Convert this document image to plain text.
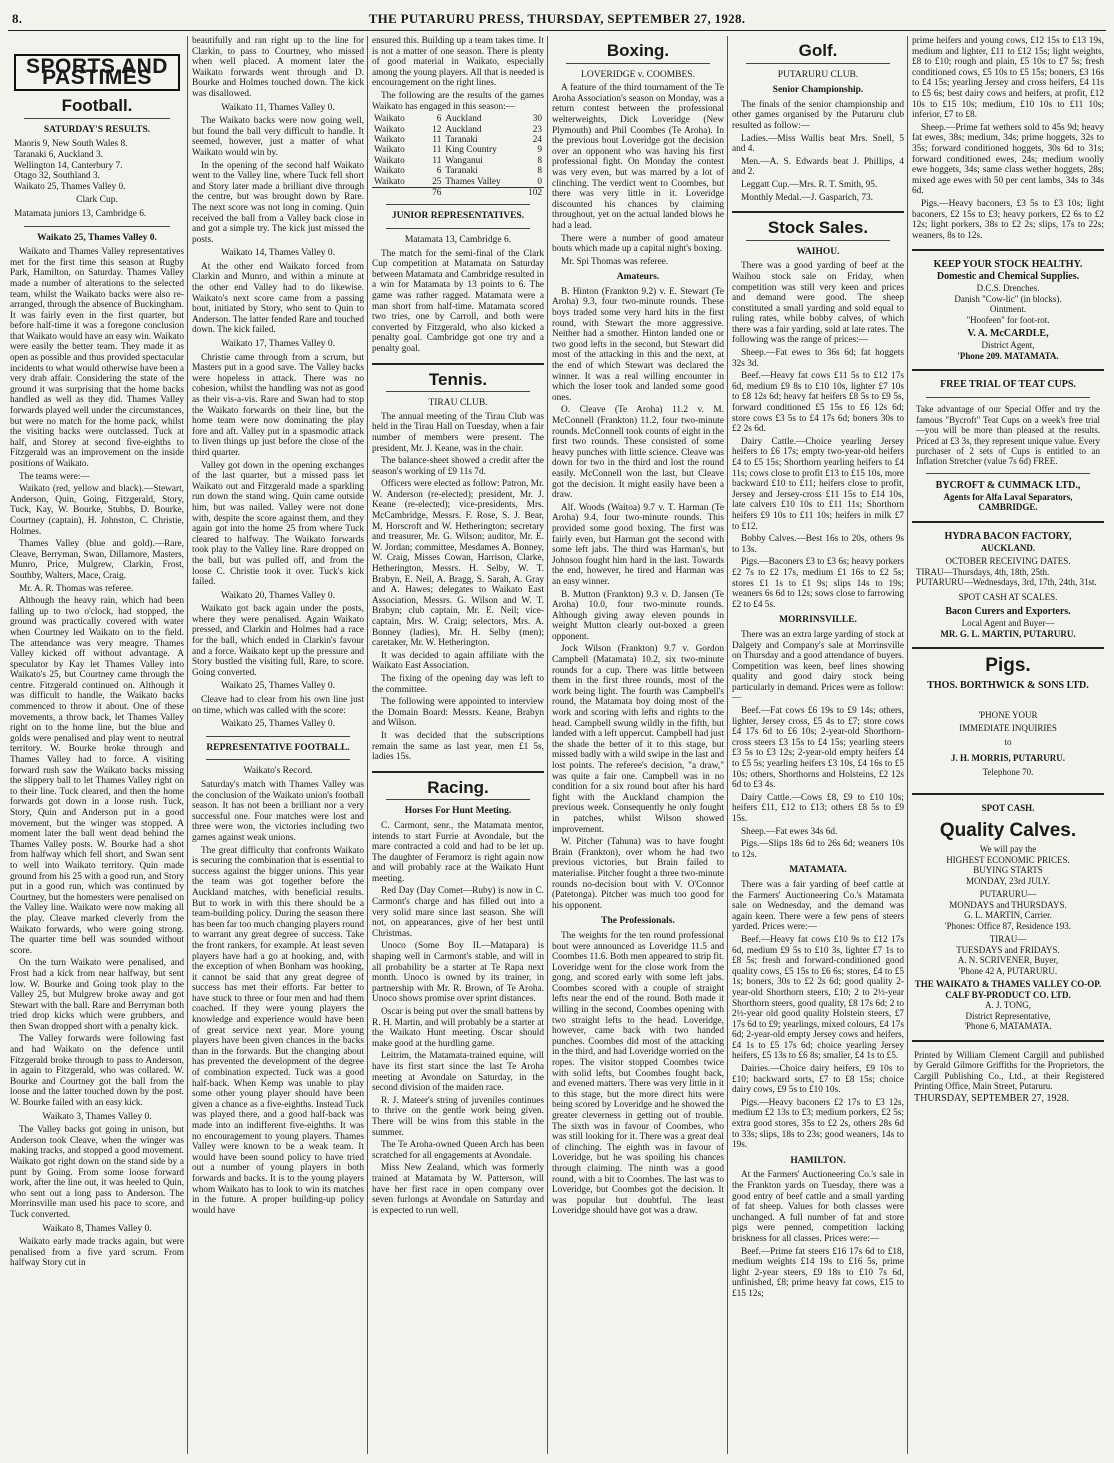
8.	THE PUTARURU PRESS, THURSDAY, SEPTEMBER 27, 1928.
SPORTS AND PASTIMES
Football.
SATURDAY'S RESULTS.

Maoris 9, New South Wales 8.

Taranaki 6, Auckland 3.

Wellington 14, Canterbury 7.

Otago 32, Southland 3.

Waikato 25, Thames Valley 0.

Clark Cup.

Matamata juniors 13, Cambridge 6.

Waikato 25, Thames Valley 0.

Waikato and Thames Valley representatives met for the first time this season at Rugby Park, Hamilton, on Saturday. Thames Valley made a number of alterations to the selected team, whilst the Waikato backs were also re-arranged, through the absence of Buckingham. It was fairly even in the first quarter, but before half-time it was a foregone conclusion that Waikato would have an easy win. Waikato were easily the better team. They made it as open as possible and thus provided spectacular incidents to what would otherwise have been a very drab affair. Considering the state of the ground it was surprising that the home backs handled as well as they did. Thames Valley forwards played well under the circumstances, but were no match for the home pack, whilst the visiting backs were outclassed. Tuck at half, and Storey at second five-eighths to Fitzgerald was an improvement on the inside positions of Waikato.

The teams were:—

Waikato (red, yellow and black).—Stewart, Anderson, Quin, Going, Fitzgerald, Story, Tuck, Kay, W. Bourke, Stubbs, D. Bourke, Courtney (captain), H. Johnston, C. Christie, Holmes.

Thames Valley (blue and gold).—Rare, Cleave, Berryman, Swan, Dillamore, Masters, Munro, Price, Mulgrew, Clarkin, Frost, Southby, Walters, Mace, Craig.

Mr. A. R. Thomas was referee.

Although the heavy rain, which had been falling up to two o'clock, had stopped, the ground was practically covered with water when Courtney led Waikato on to the field. The attendance was very meagre. Thames Valley kicked off without advantage. A speculator by Kay let Thames Valley into Waikato's 25, but Courtney came through the centre. Fitzgerald continued on. Although it was difficult to handle, the Waikato backs commenced to throw it about. One of these movements, a throw back, let Thames Valley right on to the home line, but the blue and golds were penalised and play went to neutral territory. W. Bourke broke through and Thames Valley had to force. A visiting forward rush saw the Waikato backs missing the slippery ball to let Thames Valley right on to their line. Tuck cleared, and then the home forwards got down in a loose rush. Tuck, Story, Quin and Anderson put in a good movement, but the winger was stopped. A moment later the ball went dead behind the Thames Valley posts. W. Bourke had a shot from halfway which fell short, and Swan sent to well into Waikato territory. Quin made ground from his 25 with a good run, and Story put in a good run, which was continued by Courtney, but the homesters were penalised on the Valley line. Waikato were now making all the play. Cleave marked cleverly from the Waikato forwards, who were going strong. The quarter time bell was sounded without score.

On the turn Waikato were penalised, and Frost had a kick from near halfway, but sent low. W. Bourke and Going took play to the Valley 25, but Mulgrew broke away and got Stewart with the ball. Rare and Berryman both tried drop kicks which were grubbers, and then Swan dropped short with a penalty kick.

The Valley forwards were following fast and had Waikato on the defence until Fitzgerald broke through to pass to Anderson, in again to Fitzgerald, who was collared. W. Bourke and Courtney got the ball from the loose and the latter touched down by the post. W. Bourke failed with an easy kick.

Waikato 3, Thames Valley 0.

The Valley backs got going in unison, but Anderson took Cleave, when the winger was making tracks, and stopped a good movement. Waikato got right down on the stand side by a punt by Going. From some loose forward work, after the line out, it was heeled to Quin, who sent out a long pass to Anderson. The Morrinsville man used his pace to score, and Tuck converted.

Waikato 8, Thames Valley 0.

Waikato early made tracks again, but were penalised from a five yard scrum. From halfway Story cut in

beautifully and ran right up to the line for Clarkin, to pass to Courtney, who missed when well placed. A moment later the Waikato forwards went through and D. Bourke and Holmes touched down. The kick was disallowed.

Waikato 11, Thames Valley 0.

The Waikato backs were now going well, but found the ball very difficult to handle. It seemed, however, just a matter of what Waikato would win by.

In the opening of the second half Waikato went to the Valley line, where Tuck fell short and Story later made a brilliant dive through the centre, but was brought down by Rare. The next score was not long in coming. Quin received the ball from a Valley back close in and got a simple try. The kick just missed the posts.

Waikato 14, Thames Valley 0.

At the other end Waikato forced from Clarkin and Munro, and within a minute at the other end Valley had to do likewise. Waikato's next score came from a passing bout, initiated by Story, who sent to Quin to Anderson. The latter fended Rare and touched down. The kick failed.

Waikato 17, Thames Valley 0.

Christie came through from a scrum, but Masters put in a good save. The Valley backs were hopeless in attack. There was no cohesion, whilst the handling was not as good as their vis-a-vis. Rare and Swan had to stop the Waikato forwards on their line, but the home team were now dominating the play fore and aft. Valley put in a spasmodic attack to liven things up just before the close of the third quarter.

Valley got down in the opening exchanges of the last quarter, but a missed pass let Waikato out and Fitzgerald made a sparkling run down the stand wing. Quin came outside him, but was nailed. Valley were not done with, despite the score against them, and they again got into the home 25 from where Tuck cleared to halfway. The Waikato forwards took play to the Valley line. Rare dropped on the ball, but was pulled off, and from the loose C. Christie took it over. Tuck's kick failed.

Waikato 20, Thames Valley 0.

Waikato got back again under the posts, where they were penalised. Again Waikato pressed, and Clarkin and Holmes had a race for the ball, which ended in Clarkin's favour and a force. Waikato kept up the pressure and Story bustled the visiting full, Rare, to score. Going converted.

Waikato 25, Thames Valley 0.

Cleave had to clear from his own line just on time, which was called with the score:

Waikato 25, Thames Valley 0.
REPRESENTATIVE FOOTBALL.
Waikato's Record.

Saturday's match with Thames Valley was the conclusion of the Waikato union's football season. It has not been a brilliant nor a very successful one. Four matches were lost and three were won, the victories including two games against weak unions.

The great difficulty that confronts Waikato is securing the combination that is essential to success against the bigger unions. This year the team was got together before the Auckland matches, with beneficial results. But to work in with this there should be a team-building policy. During the season there has been far too much changing players round to warrant any great degree of success. Take the front rankers, for example. At least seven players have had a go at hooking, and, with the exception of when Bonham was hooking, it cannot be said that any great degree of success has met their efforts. Far better to have stuck to three or four men and had them coached. If they were young players the knowledge and experience would have been of great service next year. More young players have been given chances in the backs than in the forwards. But the changing about has prevented the development of the degree of combination expected. Tuck was a good half-back. When Kemp was unable to play some other young player should have been given a chance as a five-eighths. Instead Tuck was played there, and a good half-back was made into an indifferent five-eighths. It was no encouragement to young players. Thames Valley were known to be a weak team. It would have been sound policy to have tried out a number of young players in both forwards and backs. It is to the young players whom Waikato has to look to win its matches in the future. A proper building-up policy would have

ensured this. Building up a team takes time. It is not a matter of one season. There is plenty of good material in Waikato, especially among the young players. All that is needed is encouragement on the right lines.

The following are the results of the games Waikato has engaged in this season:—

Waikato	6	Auckland	30
Waikato	12	Auckland	23
Waikato	11	Taranaki	24
Waikato	11	King Country	9
Waikato	11	Wanganui	8
Waikato	6	Taranaki	8
Waikato	25	Thames Valley	0
	76		102
JUNIOR REPRESENTATIVES.
Matamata 13, Cambridge 6.

The match for the semi-final of the Clark Cup competition at Matamata on Saturday between Matamata and Cambridge resulted in a win for Matamata by 13 points to 6. The game was rather ragged. Matamata were a man short from half-time. Matamata scored two tries, one by Carroll, and both were converted by Fitzgerald, who also kicked a penalty goal. Cambridge got one try and a penalty goal.

Tennis.
TIRAU CLUB.

The annual meeting of the Tirau Club was held in the Tirau Hall on Tuesday, when a fair number of members were present. The president, Mr. J. Keane, was in the chair.

The balance-sheet showed a credit after the season's working of £9 11s 7d.

Officers were elected as follow: Patron, Mr. W. Anderson (re-elected); president, Mr. J. Keane (re-elected); vice-presidents, Mrs. McCambridge, Messrs. F. Rose, S. J. Bear, M. Horscroft and W. Hetherington; secretary and treasurer, Mr. G. Wilson; auditor, Mr. E. W. Jordan; committee, Mesdames A. Bonney, W. Craig, Misses Cowan, Harrison, Clarke, Hetherington, Messrs. H. Selby, W. T. Brabyn, E. Neil, A. Bragg, S. Sarah, A. Gray and A. Hawes; delegates to Waikato East Association, Messrs. G. Wilson and W. T. Brabyn; club captain, Mr. E. Neil; vice-captain, Mrs. W. Craig; selectors, Mrs. A. Bonney (ladies), Mr. H. Selby (men); caretaker, Mr. W. Hetherington.

It was decided to again affiliate with the Waikato East Association.

The fixing of the opening day was left to the committee.

The following were appointed to interview the Domain Board: Messrs. Keane, Brabyn and Wilson.

It was decided that the subscriptions remain the same as last year, men £1 5s, ladies 15s.

Racing.
Horses For Hunt Meeting.

C. Carmont, senr., the Matamata mentor, intends to start Furrie at Avondale, but the mare contracted a cold and had to be let up. The daughter of Feramorz is right again now and will probably race at the Waikato Hunt meeting.

Red Day (Day Comet—Ruby) is now in C. Carmont's charge and has filled out into a very solid mare since last season. She will not, on appearances, give of her best until Christmas.

Unoco (Some Boy II.—Matapara) is shaping well in Carmont's stable, and will in all probability be a starter at Te Rapa next month. Unoco is owned by its trainer, in partnership with Mr. R. Brown, of Te Aroha. Unoco shows promise over sprint distances.

Oscar is being put over the small battens by R. H. Martin, and will probably be a starter at the Waikato Hunt meeting. Oscar should make good at the hurdling game.

Leitrim, the Matamata-trained equine, will have its first start since the last Te Aroha meeting at Avondale on Saturday, in the second division of the maiden race.

R. J. Mateer's string of juveniles continues to thrive on the gentle work being given. There will be wins from this stable in the summer.

The Te Aroha-owned Queen Arch has been scratched for all engagements at Avondale.

Miss New Zealand, which was formerly trained at Matamata by W. Patterson, will have her first race in open company over seven furlongs at Avondale on Saturday and is expected to run well.

Boxing.
LOVERIDGE v. COOMBES.

A feature of the third tournament of the Te Aroha Association's season on Monday, was a return contest between the professional welterweights, Dick Loveridge (New Plymouth) and Phil Coombes (Te Aroha). In the previous bout Loveridge got the decision over an opponent who was having his first professional fight. On Monday the contest was very even, but was marred by a lot of clinching. The verdict went to Coombes, but there was very little in it. Loveridge discounted his chances by claiming throughout, yet on the actual landed blows he had a lead.

There were a number of good amateur bouts which made up a capital night's boxing.

Mr. Spi Thomas was referee.

Amateurs.

B. Hinton (Frankton 9.2) v. E. Stewart (Te Aroha) 9.3, four two-minute rounds. These boys traded some very hard hits in the first round, with Stewart the more aggressive. Neither had a smother. Hinton landed one or two good lefts in the second, but Stewart did most of the attacking in this and the next, at the end of which Stewart was declared the winner. It was a real willing encounter in which the loser took and landed some good ones.

O. Cleave (Te Aroha) 11.2 v. M. McConnell (Frankton) 11.2, four two-minute rounds. McConnell took counts of eight in the first two rounds. These consisted of some heavy punches with little science. Cleave was down for two in the third and lost the round easily. McConnell won the last, but Cleave got the decision. It might easily have been a draw.

Alf. Woods (Waitoa) 9.7 v. T. Harman (Te Aroha) 9.4, four two-minute rounds. This provided some good boxing. The first was fairly even, but Harman got the second with some left jabs. The third was Harman's, but Johnson fought him hard in the last. Towards the end, however, he tired and Harman was an easy winner.

B. Mutton (Frankton) 9.3 v. D. Jansen (Te Aroha) 10.0, four two-minute rounds. Although giving away eleven pounds in weight Mutton clearly out-boxed a green opponent.

Jock Wilson (Frankton) 9.7 v. Gordon Campbell (Matamata) 10.2, six two-minute rounds for a cup. There was little between them in the first three rounds, most of the work being light. The fourth was Campbell's round, the Matamata boy doing most of the work and scoring with lefts and rights to the head. Campbell swung wildly in the fifth, but landed with a left uppercut. Campbell had just the shade the better of it to this stage, but missed badly with a wild swipe in the last and lost points. The referee's decision, "a draw," was quite a fair one. Campbell was in no condition for a six round bout after his hard fight with the Auckland champion the previous week. Consequently he only fought in patches, whilst Wilson showed improvement.

W. Pitcher (Tahuna) was to have fought Brain (Frankton), over whom he had two previous victories, but Brain failed to materialise. Pitcher fought a three two-minute rounds no-decision bout with V. O'Connor (Patetonga). Pitcher was much too good for his opponent.

The Professionals.

The weights for the ten round professional bout were announced as Loveridge 11.5 and Coombes 11.6. Both men appeared to strip fit. Loveridge went for the close work from the gong, and scored early with some left jabs. Coombes scored with a couple of straight lefts near the end of the round. Both made it willing in the second, Coombes opening with two straight lefts to the head. Loveridge, however, came back with two handed punches. Coombes did most of the attacking in the third, and had Loveridge worried on the ropes. The visitor stopped Coombes twice with solid lefts, but Coombes fought back, and evened matters. There was very little in it to this stage, but the more direct hits were being scored by Loveridge and he showed the greater cleverness in getting out of trouble. The sixth was in favour of Coombes, who was still looking for it. There was a great deal of clinching. The eighth was in favour of Loveridge, but he was spoiling his chances through claiming. The ninth was a good round, with a bit to Coombes. The last was to Loveridge, but Coombes got the decision. It was popular but doubtful. The least Loveridge should have got was a draw.

Golf.
PUTARURU CLUB.
Senior Championship.

The finals of the senior championship and other games organised by the Putaruru club resulted as follow:—

Ladies.—Miss Wallis beat Mrs. Snell, 5 and 4.

Men.—A. S. Edwards beat J. Phillips, 4 and 2.

Leggatt Cup.—Mrs. R. T. Smith, 95.

Monthly Medal.—J. Gasparich, 73.

Stock Sales.
WAIHOU.

There was a good yarding of beef at the Waihou stock sale on Friday, when competition was still very keen and prices and demand were good. The sheep constituted a small yarding and sold equal to ruling rates, while bobby calves, of which there was a fair yarding, sold at late rates. The following was the range of prices:—

Sheep.—Fat ewes to 36s 6d; fat hoggets 32s 3d.

Beef.—Heavy fat cows £11 5s to £12 17s 6d, medium £9 8s to £10 10s, lighter £7 10s to £8 12s 6d; heavy fat heifers £8 5s to £9 5s, forward conditioned £5 15s to £6 12s 6d; store cows £3 5s to £4 17s 6d; boners 30s to £2 2s 6d.

Dairy Cattle.—Choice yearling Jersey heifers to £6 17s; empty two-year-old heifers £4 to £5 15s; Shorthorn yearling heifers to £4 11s; cows close to profit £13 to £15 10s, more backward £10 to £11; heifers close to profit, Jersey and Jersey-cross £11 15s to £14 10s, late calvers £10 10s to £11 11s; Shorthorn heifers £9 10s to £11 10s; heifers in milk £7 to £12.

Bobby Calves.—Best 16s to 20s, others 9s to 13s.

Pigs.—Baconers £3 to £3 6s; heavy porkers £2 7s to £2 17s, medium £1 16s to £2 5s; stores £1 1s to £1 9s; slips 14s to 19s; weaners 6s 6d to 12s; sows close to farrowing £2 to £4 5s.

MORRINSVILLE.

There was an extra large yarding of stock at Dalgety and Company's sale at Morrinsville on Thursday and a good attendance of buyers. Competition was keen, beef lines showing quality and good dairy stock being particularly in demand. Prices were as follow:—

Beef.—Fat cows £6 19s to £9 14s; others, lighter, Jersey cross, £5 4s to £7; store cows £4 17s 6d to £6 10s; 2-year-old Shorthorn-cross steers £3 15s to £4 15s; yearling steers £3 5s to £3 12s; 2-year-old empty heifers £4 to £5 5s; yearling heifers £3 10s, £4 16s to £5 10s; others, Shorthorns and Holsteins, £2 12s 6d to £3 4s.

Dairy Cattle.—Cows £8, £9 to £10 10s; heifers £11, £12 to £13; others £8 5s to £9 15s.

Sheep.—Fat ewes 34s 6d.

Pigs.—Slips 18s 6d to 26s 6d; weaners 10s to 12s.

MATAMATA.

There was a fair yarding of beef cattle at the Farmers' Auctioneering Co.'s Matamata sale on Wednesday, and the demand was again keen. There were a few pens of steers yarded. Prices were:—

Beef.—Heavy fat cows £10 9s to £12 17s 6d, medium £9 5s to £10 3s, lighter £7 1s to £8 5s; fresh and forward-conditioned good quality cows, £5 15s to £6 6s; stores, £4 to £5 1s; boners, 30s to £2 2s 6d; good quality 2-year-old Shorthorn steers, £10; 2 to 2½-year Shorthorn steers, good quality, £8 17s 6d; 2 to 2½-year old good quality Holstein steers, £7 17s 6d to £9; yearlings, mixed colours, £4 17s 6d; 2-year-old empty Jersey cows and heifers, £4 1s to £5 17s 6d; choice yearling Jersey heifers, £5 13s to £6 8s; smaller, £4 1s to £5.

Dairies.—Choice dairy heifers, £9 10s to £10; backward sorts, £7 to £8 15s; choice dairy cows, £9 5s to £10 10s.

Pigs.—Heavy baconers £2 17s to £3 12s, medium £2 13s to £3; medium porkers, £2 5s; extra good stores, 35s to £2 2s, others 28s 6d to 33s; slips, 18s to 23s; good weaners, 14s to 19s.

HAMILTON.

At the Farmers' Auctioneering Co.'s sale in the Frankton yards on Tuesday, there was a good entry of beef cattle and a small yarding of fat sheep. Values for both classes were unchanged. A full number of fat and store pigs were penned, competition lacking briskness for all classes. Prices were:—

Beef.—Prime fat steers £16 17s 6d to £18, medium weights £14 19s to £16 5s, prime light 2-year steers, £9 18s to £10 7s 6d, unfinished, £8; prime heavy fat cows, £15 to £15 12s;

prime heifers and young cows, £12 15s to £13 19s, medium and lighter, £11 to £12 15s; light weights, £8 to £10; rough and plain, £5 10s to £7 5s; fresh conditioned cows, £5 10s to £5 15s; boners, £3 16s to £4 15s; yearling Jersey and cross heifers, £4 11s to £5 6s; best dairy cows and heifers, at profit, £12 10s to £15 10s; medium, £10 10s to £11 10s; inferior, £7 to £8.

Sheep.—Prime fat wethers sold to 45s 9d; heavy fat ewes, 38s; medium, 34s; prime hoggets, 32s to 35s; forward conditioned hoggets, 30s 6d to 31s; forward conditioned ewes, 24s; medium woolly ewe hoggets, 34s; same class wether hoggets, 28s; mixed age ewes with 50 per cent lambs, 34s to 34s 6d.

Pigs.—Heavy baconers, £3 5s to £3 10s; light baconers, £2 15s to £3; heavy porkers, £2 6s to £2 12s; light porkers, 38s to £2 2s; slips, 17s to 22s; weaners, 8s to 12s.

KEEP YOUR STOCK HEALTHY.
Domestic and Chemical Supplies.
D.C.S. Drenches.
Danish "Cow-lic" (in blocks).
Ointment.
"Hoofeen" for foot-rot.
V. A. McCARDLE,
District Agent,
'Phone 209. MATAMATA.
FREE TRIAL OF TEAT CUPS.
Take advantage of our Special Offer and try the famous "Bycroft" Teat Cups on a week's free trial—you will be more than pleased at the results. Priced at £3 3s, they represent unique value. Every purchaser of 2 sets of Cups is entitled to an Inflation Stretcher (value 7s 6d) FREE.
BYCROFT & CUMMACK LTD.,
Agents for Alfa Laval Separators,
CAMBRIDGE.
HYDRA BACON FACTORY,
AUCKLAND.
OCTOBER RECEIVING DATES.
TIRAU—Thursdays, 4th, 18th, 25th.
PUTARURU—Wednesdays, 3rd, 17th, 24th, 31st.
SPOT CASH AT SCALES.
Bacon Curers and Exporters.
Local Agent and Buyer—
MR. G. L. MARTIN, PUTARURU.
Pigs.
THOS. BORTHWICK & SONS LTD.
'PHONE YOUR
IMMEDIATE INQUIRIES
to
J. H. MORRIS, PUTARURU.
Telephone 70.
SPOT CASH.
Quality Calves.
We will pay the
HIGHEST ECONOMIC PRICES.
BUYING STARTS
MONDAY, 23rd JULY.
PUTARURU—
MONDAYS and THURSDAYS.
G. L. MARTIN, Carrier.
'Phones: Office 87, Residence 193.
TIRAU—
TUESDAYS and FRIDAYS.
A. N. SCRIVENER, Buyer,
'Phone 42 A, PUTARURU.
THE WAIKATO & THAMES VALLEY CO-OP. CALF BY-PRODUCT CO. LTD.
A. J. TONG,
District Representative,
'Phone 6, MATAMATA.
Printed by William Clement Cargill and published by Gerald Gilmore Griffiths for the Proprietors, the Cargill Publishing Co., Ltd., at their Registered Printing Office, Main Street, Putaruru.
THURSDAY, SEPTEMBER 27, 1928.
